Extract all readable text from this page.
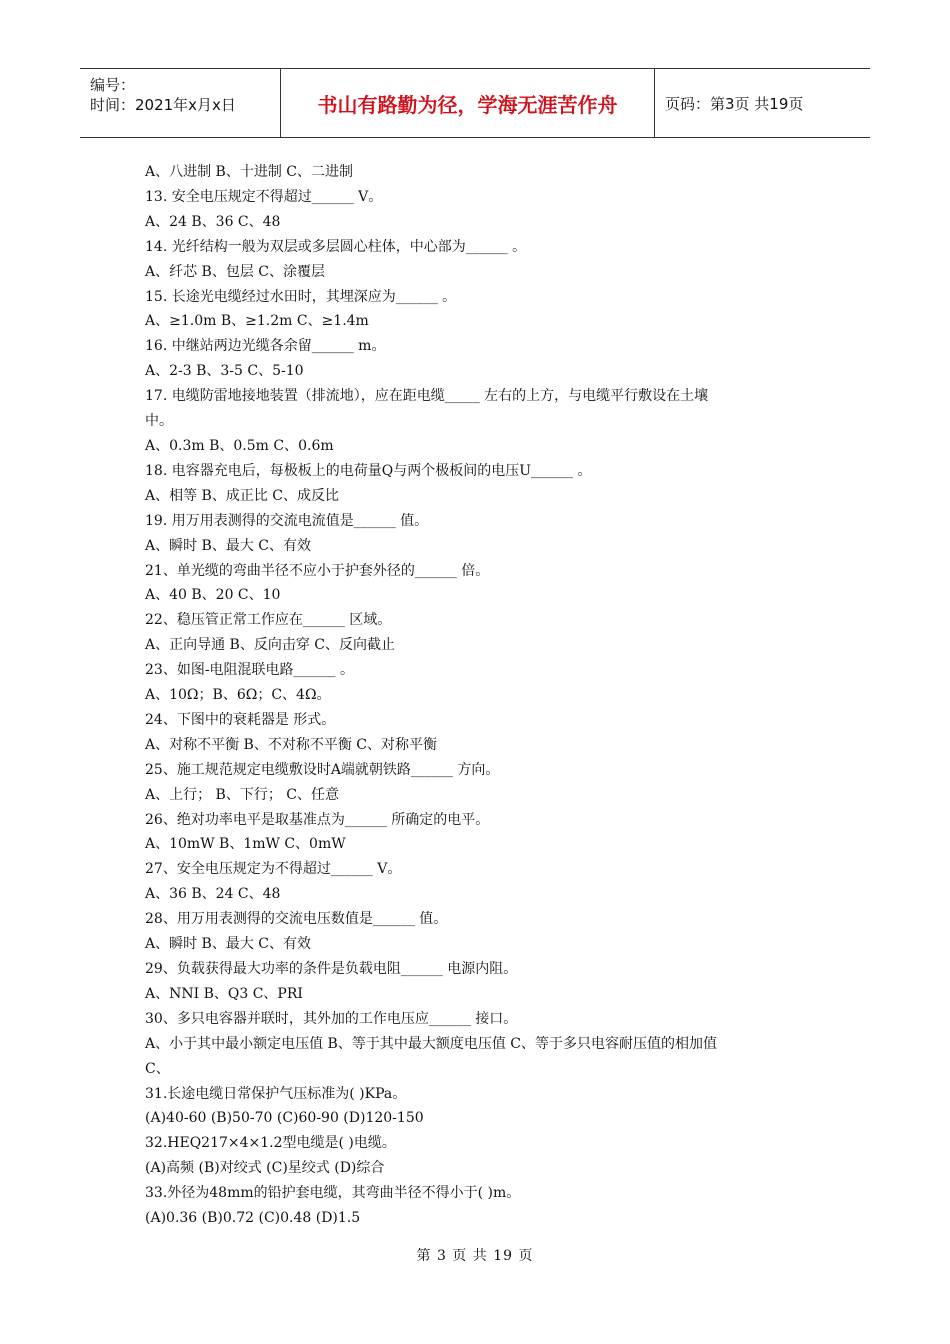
编号：
时间：2021年x月x日	书山有路勤为径，学海无涯苦作舟	页码：第3页 共19页
A、八进制 B、十进制 C、二进制
13. 安全电压规定不得超过______ V。
A、24 B、36 C、48
14. 光纤结构一般为双层或多层圆心柱体，中心部为______ 。
A、纤芯 B、包层 C、涂覆层
15. 长途光电缆经过水田时，其埋深应为______ 。
A、≥1.0m B、≥1.2m C、≥1.4m
16. 中继站两边光缆各余留______ m。
A、2-3 B、3-5 C、5-10
17. 电缆防雷地接地装置（排流地），应在距电缆_____ 左右的上方，与电缆平行敷设在土壤
中。
A、0.3m B、0.5m C、0.6m
18. 电容器充电后，每极板上的电荷量Q与两个极板间的电压U______ 。
A、相等 B、成正比 C、成反比
19. 用万用表测得的交流电流值是______ 值。
A、瞬时 B、最大 C、有效
21、单光缆的弯曲半径不应小于护套外径的______ 倍。
A、40 B、20 C、10
22、稳压管正常工作应在______ 区域。
A、正向导通 B、反向击穿 C、反向截止
23、如图-电阻混联电路______ 。
A、10Ω；B、6Ω；C、4Ω。
24、下图中的衰耗器是 形式。
A、对称不平衡 B、不对称不平衡 C、对称平衡
25、施工规范规定电缆敷设时A端就朝铁路______ 方向。
A、上行； B、下行； C、任意
26、绝对功率电平是取基准点为______ 所确定的电平。
A、10mW B、1mW C、0mW
27、安全电压规定为不得超过______ V。
A、36 B、24 C、48
28、用万用表测得的交流电压数值是______ 值。
A、瞬时 B、最大 C、有效
29、负载获得最大功率的条件是负载电阻______ 电源内阻。
A、NNI B、Q3 C、PRI
30、多只电容器并联时，其外加的工作电压应______ 接口。
A、小于其中最小额定电压值 B、等于其中最大额度电压值 C、等于多只电容耐压值的相加值
C、
31.长途电缆日常保护气压标准为( )KPa。
(A)40-60 (B)50-70 (C)60-90 (D)120-150
32.HEQ217×4×1.2型电缆是( )电缆。
(A)高频 (B)对绞式 (C)星绞式 (D)综合
33.外径为48mm的铅护套电缆，其弯曲半径不得小于( )m。
(A)0.36 (B)0.72 (C)0.48 (D)1.5
第 3 页 共 19 页
